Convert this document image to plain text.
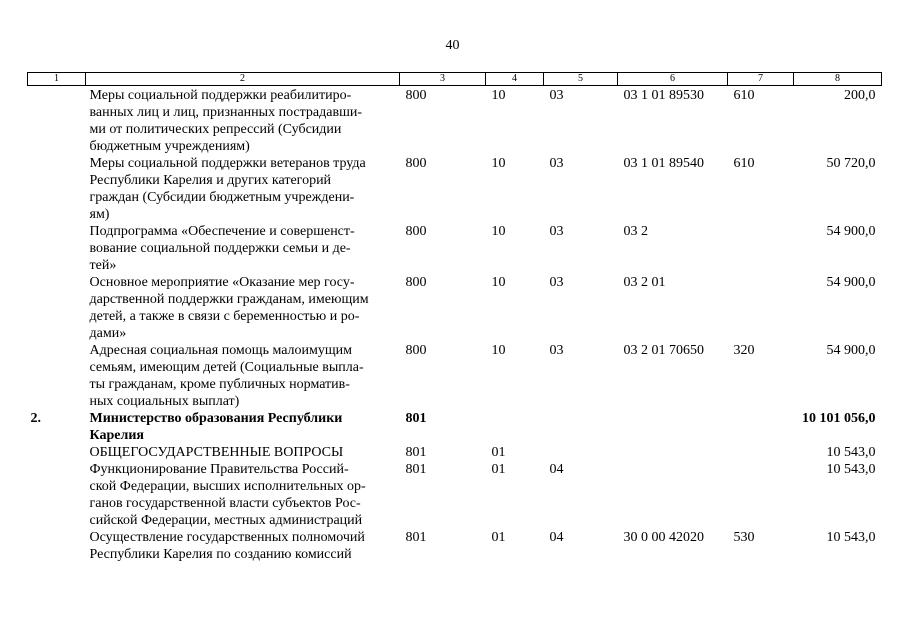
40
1	2	3	4	5	6	7	8
	Меры социальной поддержки реабилитиро-
ванных лиц и лиц, признанных пострадавши-
ми от политических репрессий (Субсидии
бюджетным учреждениям)	800	10	03	03 1 01 89530	610	200,0
	Меры социальной поддержки ветеранов труда
Республики Карелия и других категорий
граждан (Субсидии бюджетным учреждени-
ям)	800	10	03	03 1 01 89540	610	50 720,0
	Подпрограмма «Обеспечение и совершенст-
вование социальной поддержки семьи и де-
тей»	800	10	03	03 2		54 900,0
	Основное мероприятие «Оказание мер госу-
дарственной поддержки гражданам, имеющим
детей, а также в связи с беременностью и ро-
дами»	800	10	03	03 2 01		54 900,0
	Адресная социальная помощь малоимущим
семьям, имеющим детей (Социальные выпла-
ты гражданам, кроме публичных норматив-
ных социальных выплат)	800	10	03	03 2 01 70650	320	54 900,0
2.	Министерство образования Республики
Карелия	801					10 101 056,0
	ОБЩЕГОСУДАРСТВЕННЫЕ ВОПРОСЫ	801	01				10 543,0
	Функционирование Правительства Россий-
ской Федерации, высших исполнительных ор-
ганов государственной власти субъектов Рос-
сийской Федерации, местных администраций	801	01	04			10 543,0
	Осуществление государственных полномочий
Республики Карелия по созданию комиссий	801	01	04	30 0 00 42020	530	10 543,0
